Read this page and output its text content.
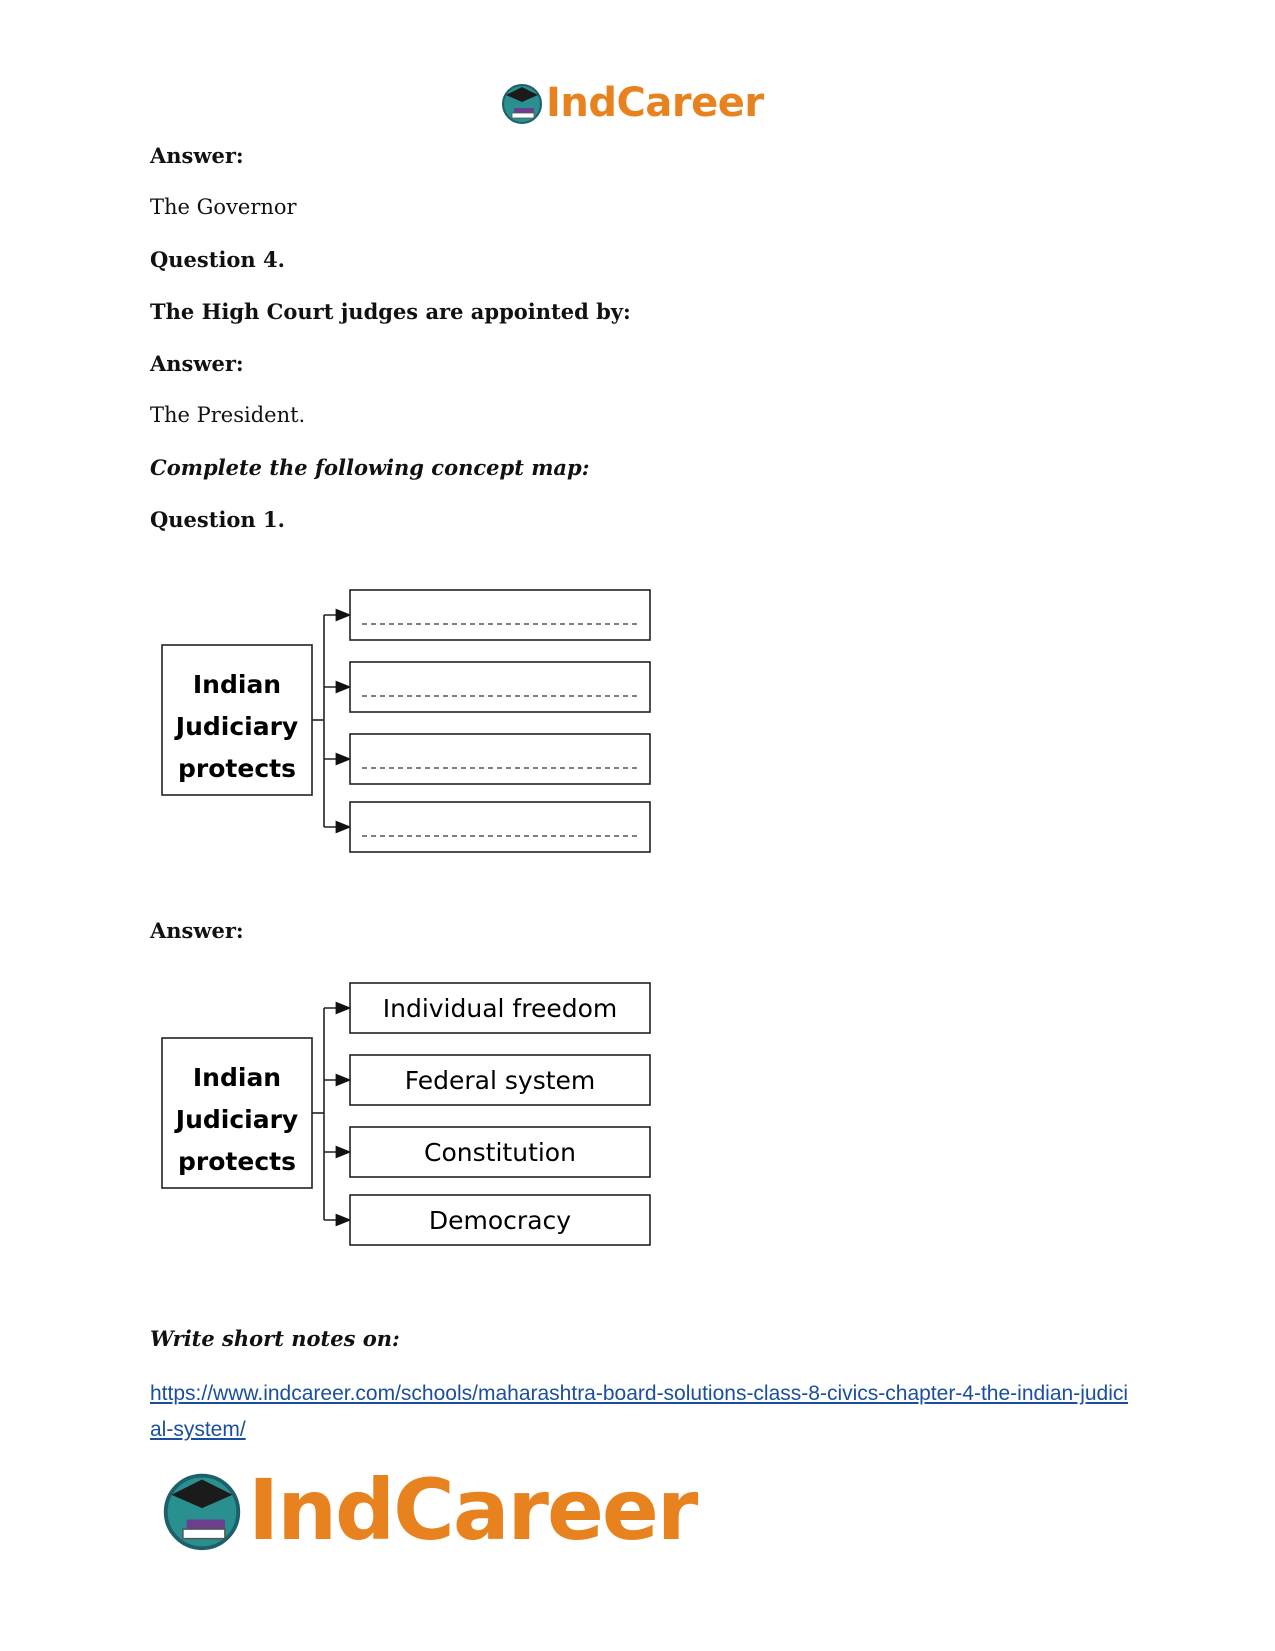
IndCareer
Answer:
The Governor
Question 4.
The High Court judges are appointed by:
Answer:
The President.
Complete the following concept map:
Question 1.
Indian
Judiciary
protects
Answer:
Indian
Judiciary
protects
Individual freedom
Federal system
Constitution
Democracy
Write short notes on:
https://www.indcareer.com/schools/maharashtra-board-solutions-class-8-civics-chapter-4-the-indian-judicial-system/
IndCareer
